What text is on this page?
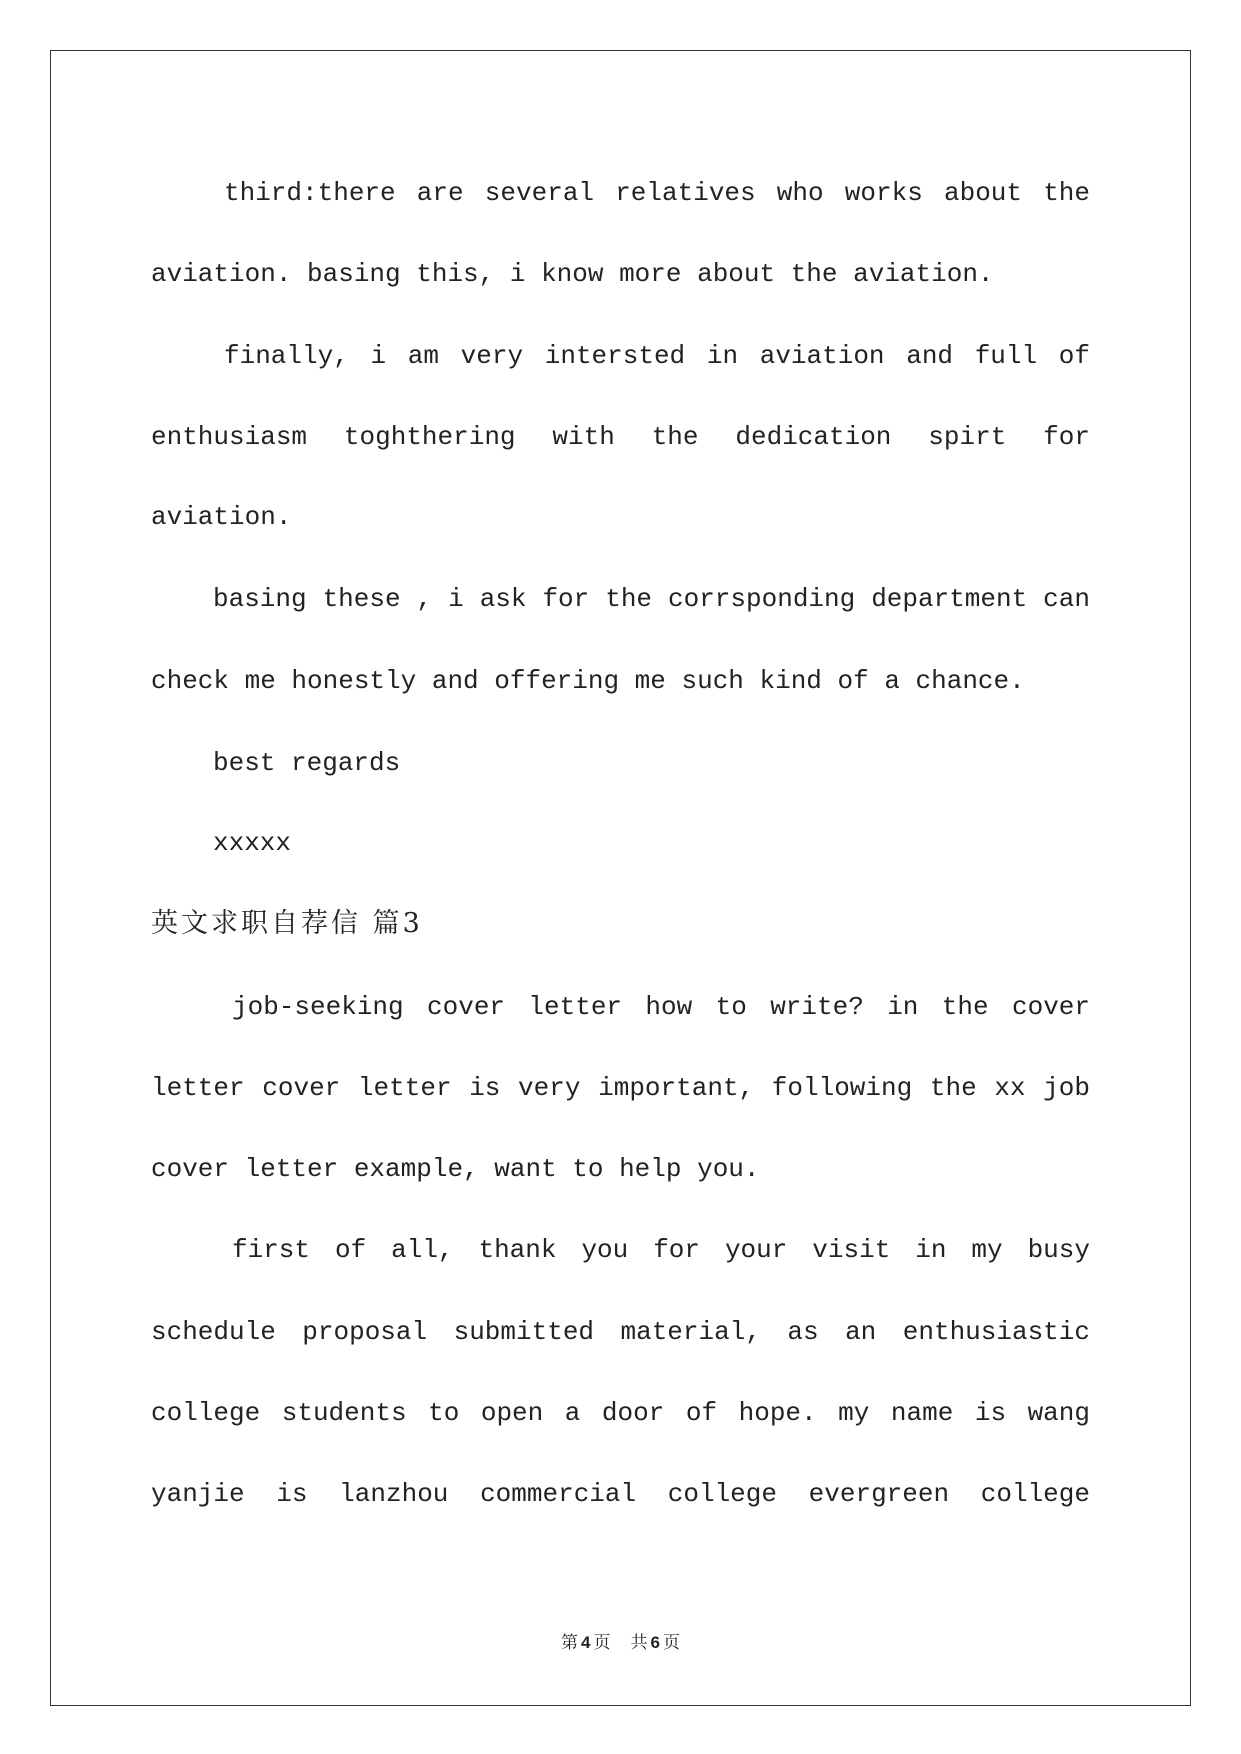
third:there are several relatives who works about the
aviation. basing this, i know more about the aviation.
finally, i am very intersted in aviation and full of
enthusiasm toghthering with the dedication spirt for
aviation.
basing these , i ask for the corrsponding department can
check me honestly and offering me such kind of a chance.
best regards
xxxxx
英文求职自荐信 篇3
job-seeking cover letter how to write? in the cover
letter cover letter is very important, following the xx job
cover letter example, want to help you.
first of all, thank you for your visit in my busy
schedule proposal submitted material, as an enthusiastic
college students to open a door of hope. my name is wang
yanjie is lanzhou commercial college evergreen college
第 4 页 共 6 页
